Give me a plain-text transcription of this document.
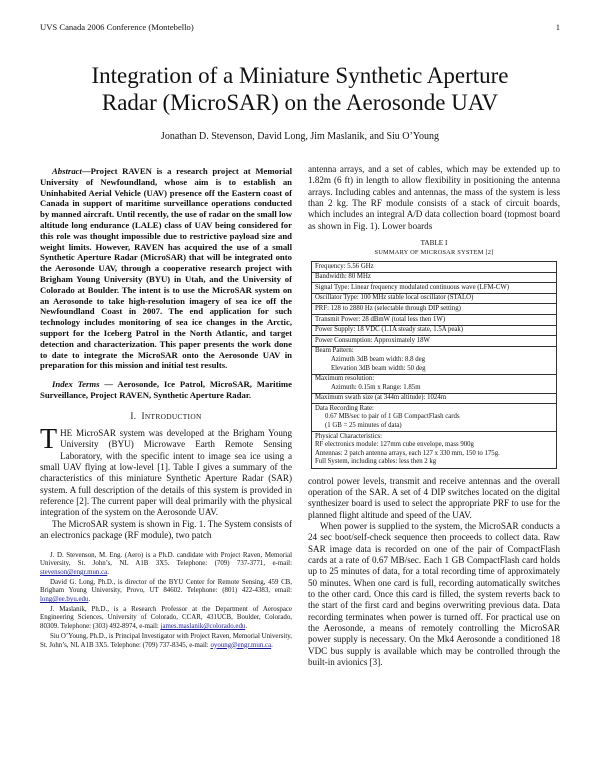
UVS Canada 2006 Conference (Montebello)	1
Integration of a Miniature Synthetic Aperture
Radar (MicroSAR) on the Aerosonde UAV
Jonathan D. Stevenson, David Long, Jim Maslanik, and Siu O’Young

Abstract—Project RAVEN is a research project at Memorial University of Newfoundland, whose aim is to establish an Uninhabited Aerial Vehicle (UAV) presence off the Eastern coast of Canada in support of maritime surveillance operations conducted by manned aircraft. Until recently, the use of radar on the small low altitude long endurance (LALE) class of UAV being considered for this role was thought impossible due to restrictive payload size and weight limits. However, RAVEN has acquired the use of a small Synthetic Aperture Radar (MicroSAR) that will be integrated onto the Aerosonde UAV, through a cooperative research project with Brigham Young University (BYU) in Utah, and the University of Colorado at Boulder. The intent is to use the MicroSAR system on an Aerosonde to take high-resolution imagery of sea ice off the Newfoundland Coast in 2007. The end application for such technology includes monitoring of sea ice changes in the Arctic, support for the Iceberg Patrol in the North Atlantic, and target detection and characterization. This paper presents the work done to date to integrate the MicroSAR onto the Aerosonde UAV in preparation for this mission and initial test results.

Index Terms — Aerosonde, Ice Patrol, MicroSAR, Maritime Surveillance, Project RAVEN, Synthetic Aperture Radar.

I. INTRODUCTION

THE MicroSAR system was developed at the Brigham Young University (BYU) Microwave Earth Remote Sensing Laboratory, with the specific intent to image sea ice using a small UAV flying at low-level [1]. Table I gives a summary of the characteristics of this miniature Synthetic Aperture Radar (SAR) system. A full description of the details of this system is provided in reference [2]. The current paper will deal primarily with the physical integration of the system on the Aerosonde UAV.

The MicroSAR system is shown in Fig. 1. The System consists of an electronics package (RF module), two patch

J. D. Stevenson, M. Eng. (Aero) is a Ph.D. candidate with Project Raven, Memorial University, St. John’s, NL A1B 3X5. Telephone: (709) 737-3771, e-mail: stevenson@engr.mun.ca.

David G. Long, Ph.D., is director of the BYU Center for Remote Sensing, 459 CB, Brigham Young University, Provo, UT 84602. Telephone: (801) 422-4383, email: long@ee.byu.edu.

J. Maslanik, Ph.D., is a Research Professor at the Department of Aerospace Engineering Sciences, University of Colorado, CCAR, 431UCB, Boulder, Colorado, 80309. Telephone: (303) 492-8974, e-mail: james.maslanik@colorado.edu.

Siu O’Young, Ph.D., is Principal Investigator with Project Raven, Memorial University, St. John’s, NL A1B 3X5. Telephone: (709) 737-8345, e-mail: oyoung@engr.mun.ca.

antenna arrays, and a set of cables, which may be extended up to 1.82m (6 ft) in length to allow flexibility in positioning the antenna arrays. Including cables and antennas, the mass of the system is less than 2 kg. The RF module consists of a stack of circuit boards, which includes an integral A/D data collection board (topmost board as shown in Fig. 1). Lower boards

TABLE I
SUMMARY OF MICROSAR SYSTEM [2]
Frequency: 5.56 GHz

Bandwidth: 80 MHz

Signal Type: Linear frequency modulated continuous wave (LFM-CW)

Oscillator Type: 100 MHz stable local oscillator (STALO)

PRF: 128 to 2880 Hz (selectable through DIP setting)

Transmit Power: 28 dBmW (total less then 1W)

Power Supply: 18 VDC (1.1A steady state, 1.5A peak)

Power Consumption: Approximately 18W

Beam Pattern:
Azimuth 3dB beam width: 8.8 deg
Elevation 3dB beam width: 50 deg

Maximum resolution:
Azimuth: 0.15m x Range: 1.85m

Maximum swath size (at 344m altitude): 1024m

Data Recording Rate:
0.67 MB/sec to pair of 1 GB CompactFlash cards
(1 GB = 25 minutes of data)

Physical Characteristics:
RF electronics module: 127mm cube envelope, mass 900g
Antennas: 2 patch antenna arrays, each 127 x 330 mm, 150 to 175g.
Full System, including cables: less then 2 kg

control power levels, transmit and receive antennas and the overall operation of the SAR. A set of 4 DIP switches located on the digital synthesizer board is used to select the appropriate PRF to use for the planned flight altitude and speed of the UAV.

When power is supplied to the system, the MicroSAR conducts a 24 sec boot/self-check sequence then proceeds to collect data. Raw SAR image data is recorded on one of the pair of CompactFlash cards at a rate of 0.67 MB/sec. Each 1 GB CompactFlash card holds up to 25 minutes of data, for a total recording time of approximately 50 minutes. When one card is full, recording automatically switches to the other card. Once this card is filled, the system reverts back to the start of the first card and begins overwriting previous data. Data recording terminates when power is turned off. For practical use on the Aerosonde, a means of remotely controlling the MicroSAR power supply is necessary. On the Mk4 Aerosonde a conditioned 18 VDC bus supply is available which may be controlled through the built-in avionics [3].
